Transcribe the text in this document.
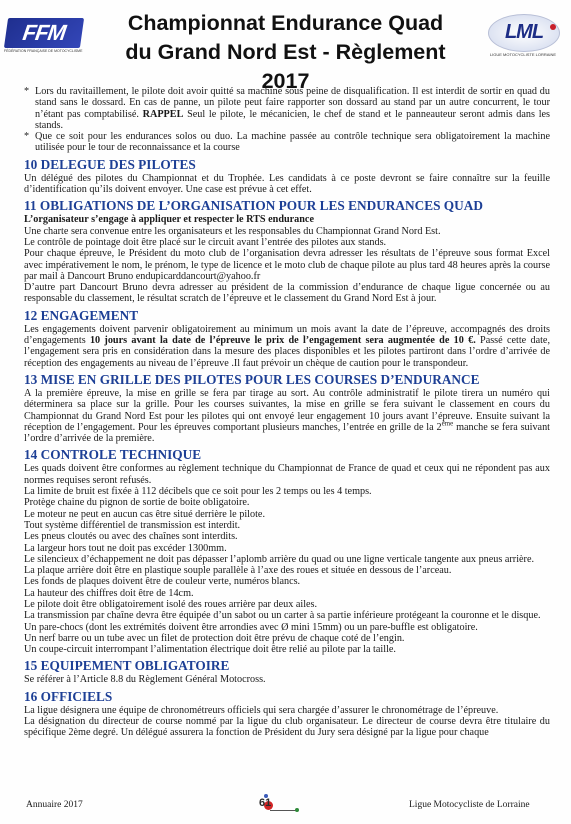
FFM
FÉDÉRATION FRANÇAISE DE MOTOCYCLISME
Championnat Endurance Quad
du Grand Nord Est - Règlement 2017
LML
LIGUE MOTOCYCLISTE LORRAINE

* Lors du ravitaillement, le pilote doit avoir quitté sa machine sous peine de disqualification. Il est interdit de sortir en quad du stand sans le dossard. En cas de panne, un pilote peut faire rapporter son dossard au stand par un autre concurrent, le tour n’étant pas comptabilisé. RAPPEL Seul le pilote, le mécanicien, le chef de stand et le panneauteur seront admis dans les stands.

* Que ce soit pour les endurances solos ou duo. La machine passée au contrôle technique sera obligatoirement la machine utilisée pour le tour de reconnaissance et la course

10 DELEGUE DES PILOTES

Un délégué des pilotes du Championnat et du Trophée. Les candidats à ce poste devront se faire connaître sur la feuille d’identification qu’ils doivent envoyer. Une case est prévue à cet effet.

11 OBLIGATIONS DE L’ORGANISATION POUR LES ENDURANCES QUAD

L’organisateur s’engage à appliquer et respecter le RTS endurance

Une charte sera convenue entre les organisateurs et les responsables du Championnat Grand Nord Est.

Le contrôle de pointage doit être placé sur le circuit avant l’entrée des pilotes aux stands.

Pour chaque épreuve, le Président du moto club de l’organisation devra adresser les résultats de l’épreuve sous format Excel avec impérativement le nom, le prénom, le type de licence et le moto club de chaque pilote au plus tard 48 heures après la course par mail à Dancourt Bruno endupicarddancourt@yahoo.fr

D’autre part Dancourt Bruno devra adresser au président de la commission d’endurance de chaque ligue concernée ou au responsable du classement, le résultat scratch de l’épreuve et le classement du Grand Nord Est à jour.

12 ENGAGEMENT

Les engagements doivent parvenir obligatoirement au minimum un mois avant la date de l’épreuve, accompagnés des droits d’engagements 10 jours avant la date de l’épreuve le prix de l’engagement sera augmentée de 10 €. Passé cette date, l’engagement sera pris en considération dans la mesure des places disponibles et les pilotes partiront dans l’ordre d’arrivée de réception des engagements au niveau de l’épreuve .Il faut prévoir un chèque de caution pour le transpondeur.

13 MISE EN GRILLE DES PILOTES POUR LES COURSES D’ENDURANCE

A la première épreuve, la mise en grille se fera par tirage au sort. Au contrôle administratif le pilote tirera un numéro qui déterminera sa place sur la grille. Pour les courses suivantes, la mise en grille se fera suivant le classement en cours du Championnat du Grand Nord Est pour les pilotes qui ont envoyé leur engagement 10 jours avant l’épreuve. Ensuite suivant la réception de l’engagement. Pour les épreuves comportant plusieurs manches, l’entrée en grille de la 2ème manche se fera suivant l’ordre d’arrivée de la première.

14 CONTROLE TECHNIQUE

Les quads doivent être conformes au règlement technique du Championnat de France de quad et ceux qui ne répondent pas aux normes requises seront refusés.

La limite de bruit est fixée à 112 décibels que ce soit pour les 2 temps ou les 4 temps.

Protège chaine du pignon de sortie de boite obligatoire.

Le moteur ne peut en aucun cas être situé derrière le pilote.

Tout système différentiel de transmission est interdit.

Les pneus cloutés ou avec des chaînes sont interdits.

La largeur hors tout ne doit pas excéder 1300mm.

Le silencieux d’échappement ne doit pas dépasser l’aplomb arrière du quad ou une ligne verticale tangente aux pneus arrière.

La plaque arrière doit être en plastique souple parallèle à l’axe des roues et située en dessous de l’arceau.

Les fonds de plaques doivent être de couleur verte, numéros blancs.

La hauteur des chiffres doit être de 14cm.

Le pilote doit être obligatoirement isolé des roues arrière par deux ailes.

La transmission par chaîne devra être équipée d’un sabot ou un carter à sa partie inférieure protégeant la couronne et le disque.

Un pare-chocs (dont les extrémités doivent être arrondies avec Ø mini 15mm) ou un pare-buffle est obligatoire.

Un nerf barre ou un tube avec un filet de protection doit être prévu de chaque coté de l’engin.

Un coupe-circuit interrompant l’alimentation électrique doit être relié au pilote par la taille.

15 EQUIPEMENT OBLIGATOIRE

Se référer à l’Article 8.8 du Règlement Général Motocross.

16 OFFICIELS

La ligue désignera une équipe de chronométreurs officiels qui sera chargée d’assurer le chronométrage de l’épreuve.

La désignation du directeur de course nommé par la ligue du club organisateur. Le directeur de course devra être titulaire du spécifique 2ème degré. Un délégué assurera la fonction de Président du Jury sera désigné par la ligue pour chaque

Annuaire 2017	61	Ligue Motocycliste de Lorraine
